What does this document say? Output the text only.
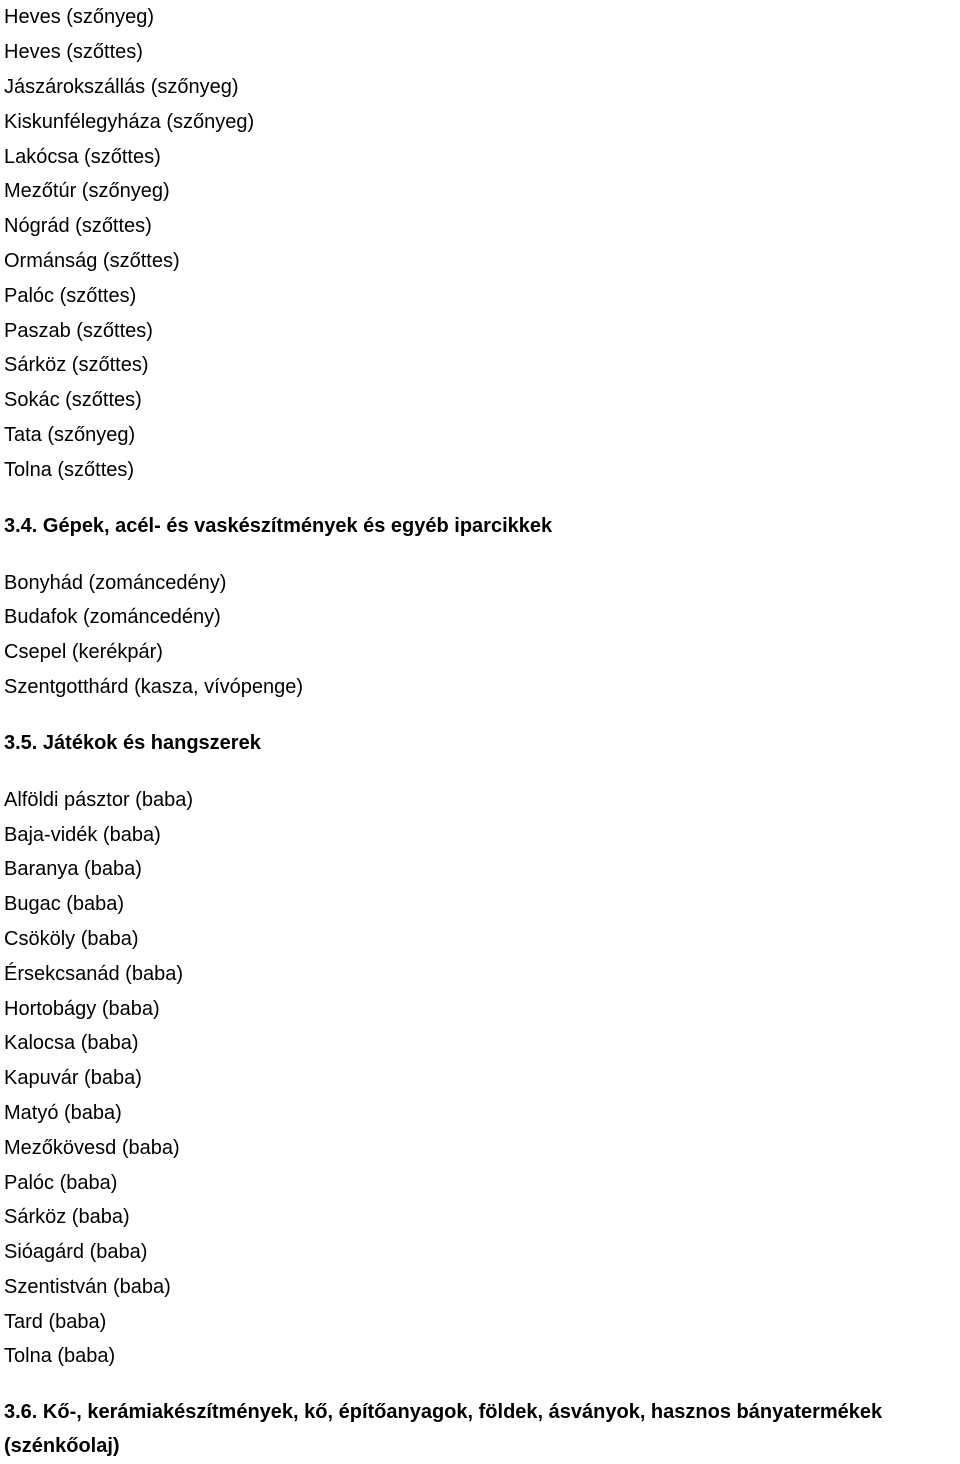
Heves (szőnyeg)
Heves (szőttes)
Jászárokszállás (szőnyeg)
Kiskunfélegyháza (szőnyeg)
Lakócsa (szőttes)
Mezőtúr (szőnyeg)
Nógrád (szőttes)
Ormánság (szőttes)
Palóc (szőttes)
Paszab (szőttes)
Sárköz (szőttes)
Sokác (szőttes)
Tata (szőnyeg)
Tolna (szőttes)
3.4. Gépek, acél- és vaskészítmények és egyéb iparcikkek
Bonyhád (zománcedény)
Budafok (zománcedény)
Csepel (kerékpár)
Szentgotthárd (kasza, vívópenge)
3.5. Játékok és hangszerek
Alföldi pásztor (baba)
Baja-vidék (baba)
Baranya (baba)
Bugac (baba)
Csököly (baba)
Érsekcsanád (baba)
Hortobágy (baba)
Kalocsa (baba)
Kapuvár (baba)
Matyó (baba)
Mezőkövesd (baba)
Palóc (baba)
Sárköz (baba)
Sióagárd (baba)
Szentistván (baba)
Tard (baba)
Tolna (baba)
3.6. Kő-, kerámiakészítmények, kő, építőanyagok, földek, ásványok, hasznos bányatermékek
(szénkőolaj)
